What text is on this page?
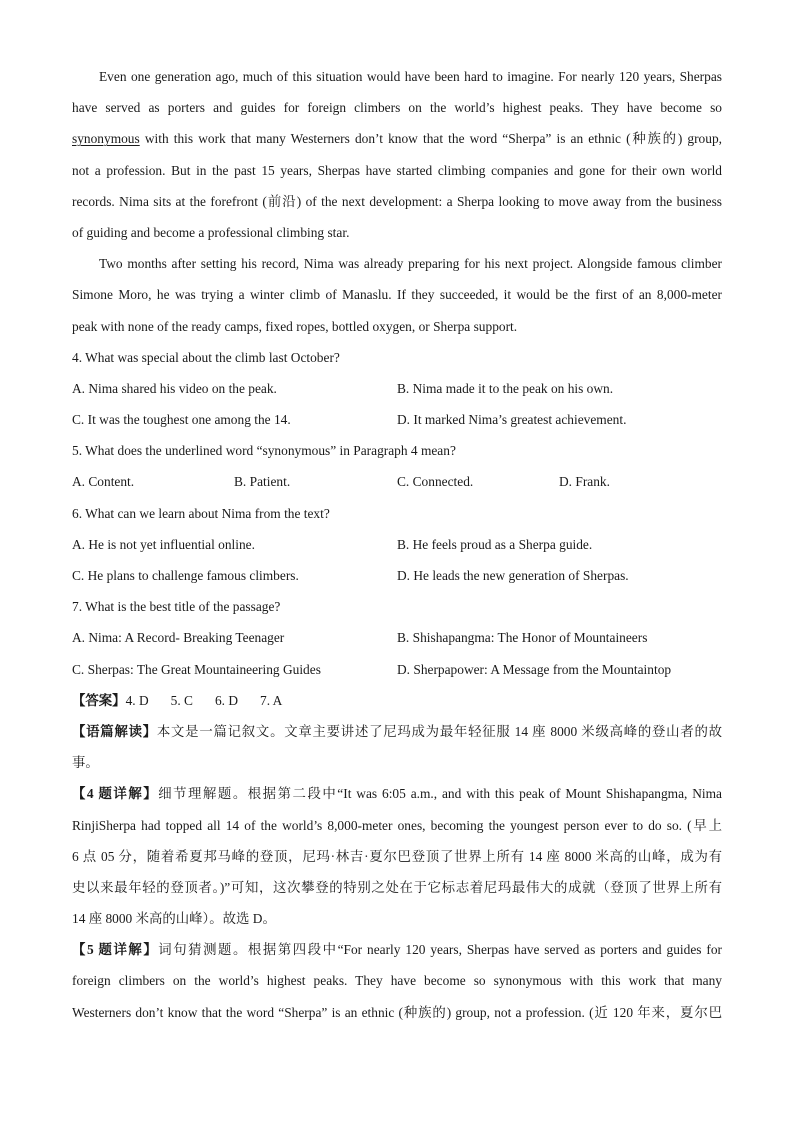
Even one generation ago, much of this situation would have been hard to imagine. For nearly 120 years, Sherpas
have served as porters and guides for foreign climbers on the world’s highest peaks. They have become so
synonymous with this work that many Westerners don’t know that the word “Sherpa” is an ethnic (种族的) group,
not a profession. But in the past 15 years, Sherpas have started climbing companies and gone for their own world
records. Nima sits at the forefront (前沿) of the next development: a Sherpa looking to move away from the business
of guiding and become a professional climbing star.
Two months after setting his record, Nima was already preparing for his next project. Alongside famous climber
Simone Moro, he was trying a winter climb of Manaslu. If they succeeded, it would be the first of an 8,000-meter
peak with none of the ready camps, fixed ropes, bottled oxygen, or Sherpa support.
4. What was special about the climb last October?
A. Nima shared his video on the peak.	B. Nima made it to the peak on his own.
C. It was the toughest one among the 14.	D. It marked Nima’s greatest achievement.
5. What does the underlined word “synonymous” in Paragraph 4 mean?
A. Content.	B. Patient.	C. Connected.	D. Frank.
6. What can we learn about Nima from the text?
A. He is not yet influential online.	B. He feels proud as a Sherpa guide.
C. He plans to challenge famous climbers.	D. He leads the new generation of Sherpas.
7. What is the best title of the passage?
A. Nima: A Record- Breaking Teenager	B. Shishapangma: The Honor of Mountaineers
C. Sherpas: The Great Mountaineering Guides	D. Sherpapower: A Message from the Mountaintop
【答案】4. D 5. C 6. D 7. A
【语篇解读】本文是一篇记叙文。文章主要讲述了尼玛成为最年轻征服 14 座 8000 米级高峰的登山者的故
事。
【4 题详解】细节理解题。根据第二段中“It was 6:05 a.m., and with this peak of Mount Shishapangma, Nima
RinjiSherpa had topped all 14 of the world’s 8,000-meter ones, becoming the youngest person ever to do so. (早上
6 点 05 分，随着希夏邦马峰的登顶，尼玛·林吉·夏尔巴登顶了世界上所有 14 座 8000 米高的山峰，成为有
史以来最年轻的登顶者。)”可知，这次攀登的特别之处在于它标志着尼玛最伟大的成就（登顶了世界上所有
14 座 8000 米高的山峰）。故选 D。
【5 题详解】词句猜测题。根据第四段中“For nearly 120 years, Sherpas have served as porters and guides for
foreign climbers on the world’s highest peaks. They have become so synonymous with this work that many
Westerners don’t know that the word “Sherpa” is an ethnic (种族的) group, not a profession. (近 120 年来，夏尔巴
